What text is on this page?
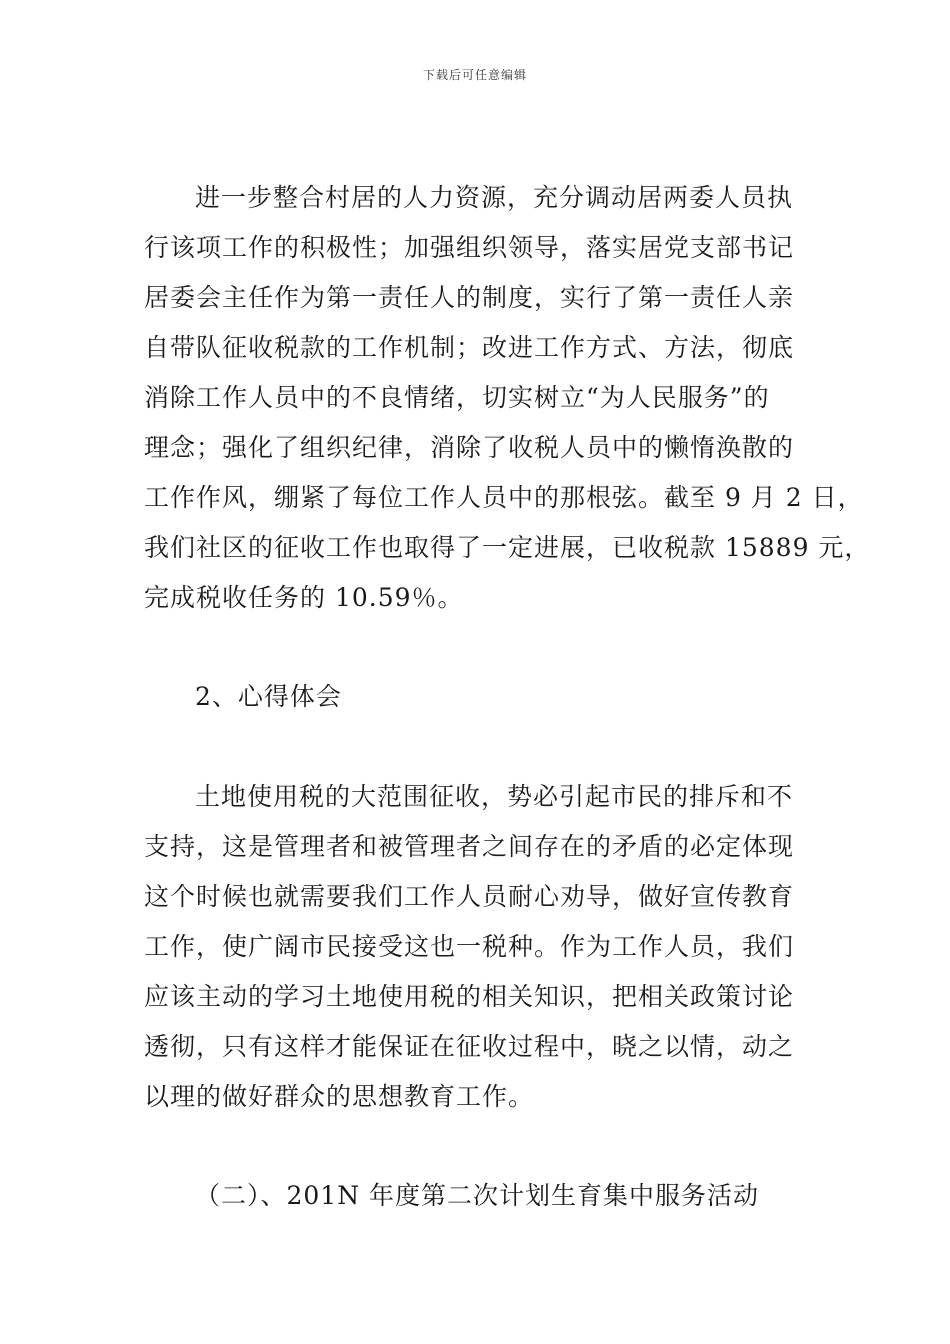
下载后可任意编辑
进一步整合村居的人力资源，充分调动居两委人员执
行该项工作的积极性；加强组织领导，落实居党支部书记
居委会主任作为第一责任人的制度，实行了第一责任人亲
自带队征收税款的工作机制；改进工作方式、方法，彻底
消除工作人员中的不良情绪，切实树立“为人民服务”的
理念；强化了组织纪律，消除了收税人员中的懒惰涣散的
工作作风，绷紧了每位工作人员中的那根弦。截至 9 月 2 日，
我们社区的征收工作也取得了一定进展，已收税款 15889 元，
完成税收任务的 10.59％。
2、心得体会
土地使用税的大范围征收，势必引起市民的排斥和不
支持，这是管理者和被管理者之间存在的矛盾的必定体现
这个时候也就需要我们工作人员耐心劝导，做好宣传教育
工作，使广阔市民接受这也一税种。作为工作人员，我们
应该主动的学习土地使用税的相关知识，把相关政策讨论
透彻，只有这样才能保证在征收过程中，晓之以情，动之
以理的做好群众的思想教育工作。
（二）、201N 年度第二次计划生育集中服务活动
